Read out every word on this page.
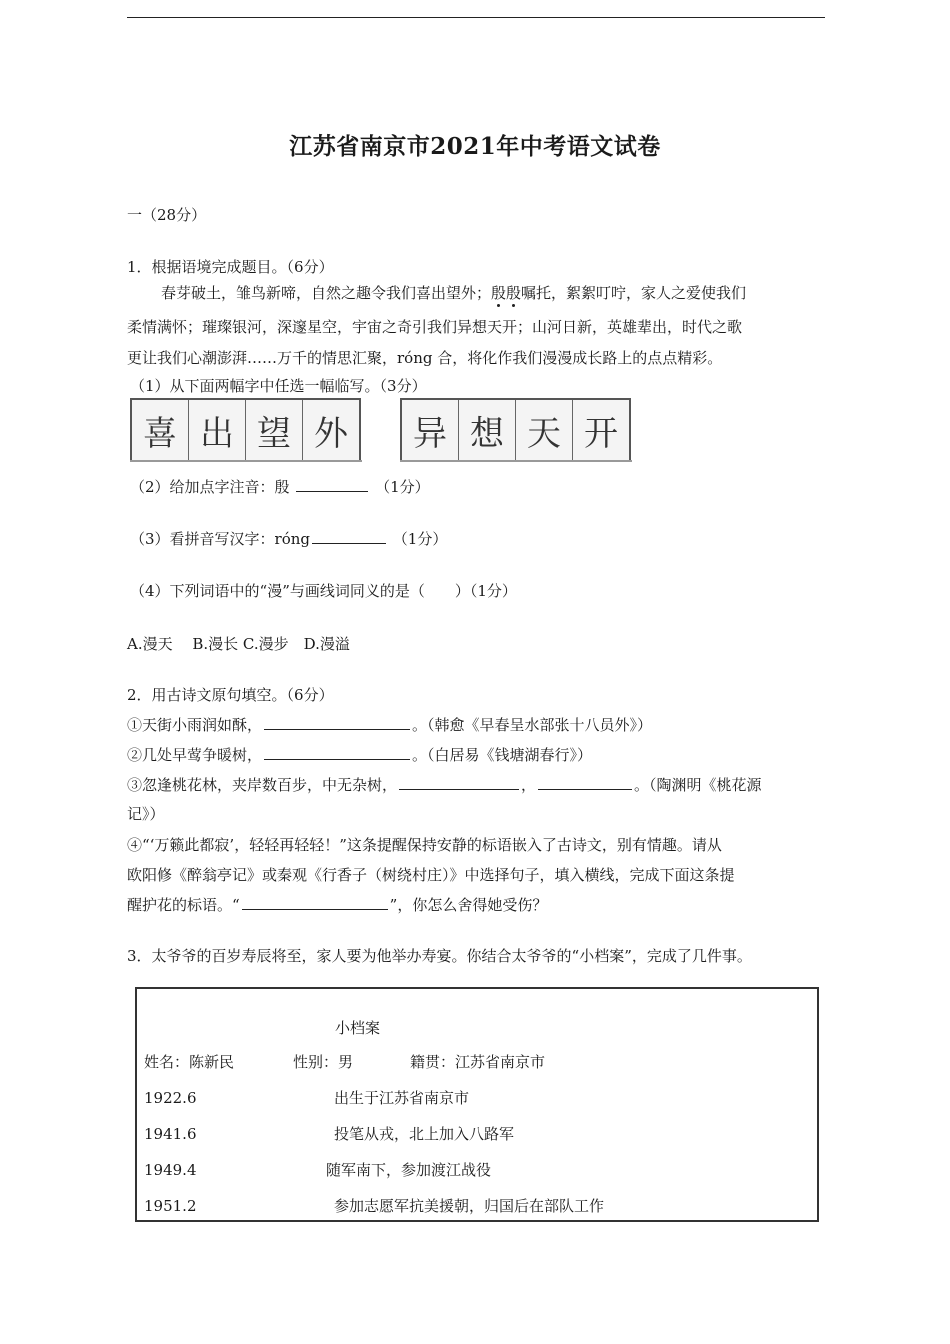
江苏省南京市2021年中考语文试卷
一（28分）
1．根据语境完成题目。（6分）
春芽破土，雏鸟新啼，自然之趣令我们喜出望外；殷殷嘱托，絮絮叮咛，家人之爱使我们
柔情满怀；璀璨银河，深邃星空，宇宙之奇引我们异想天开；山河日新，英雄辈出，时代之歌
更让我们心潮澎湃……万千的情思汇聚，róng 合，将化作我们漫漫成长路上的点点精彩。
（1）从下面两幅字中任选一幅临写。（3分）
喜 出 望 外	异 想 天 开
（2）给加点字注音：殷	（1分）
（3）看拼音写汉字：róng	（1分）
（4）下列词语中的“漫”与画线词同义的是（　　）（1分）
A.漫天　 B.漫长 C.漫步　D.漫溢
2．用古诗文原句填空。（6分）
①天街小雨润如酥，	。（韩愈《早春呈水部张十八员外》）
②几处早莺争暖树，	。（白居易《钱塘湖春行》）
③忽逢桃花林，夹岸数百步，中无杂树，	，	。（陶渊明《桃花源
记》）
④“‘万籁此都寂’，轻轻再轻轻！”这条提醒保持安静的标语嵌入了古诗文，别有情趣。请从
欧阳修《醉翁亭记》或秦观《行香子（树绕村庄）》中选择句子，填入横线，完成下面这条提
醒护花的标语。“	”，你怎么舍得她受伤？
3．太爷爷的百岁寿辰将至，家人要为他举办寿宴。你结合太爷爷的“小档案”，完成了几件事。
小档案
姓名：陈新民	性别：男	籍贯：江苏省南京市
1922.6	出生于江苏省南京市
1941.6	投笔从戎，北上加入八路军
1949.4	随军南下，参加渡江战役
1951.2	参加志愿军抗美援朝，归国后在部队工作
